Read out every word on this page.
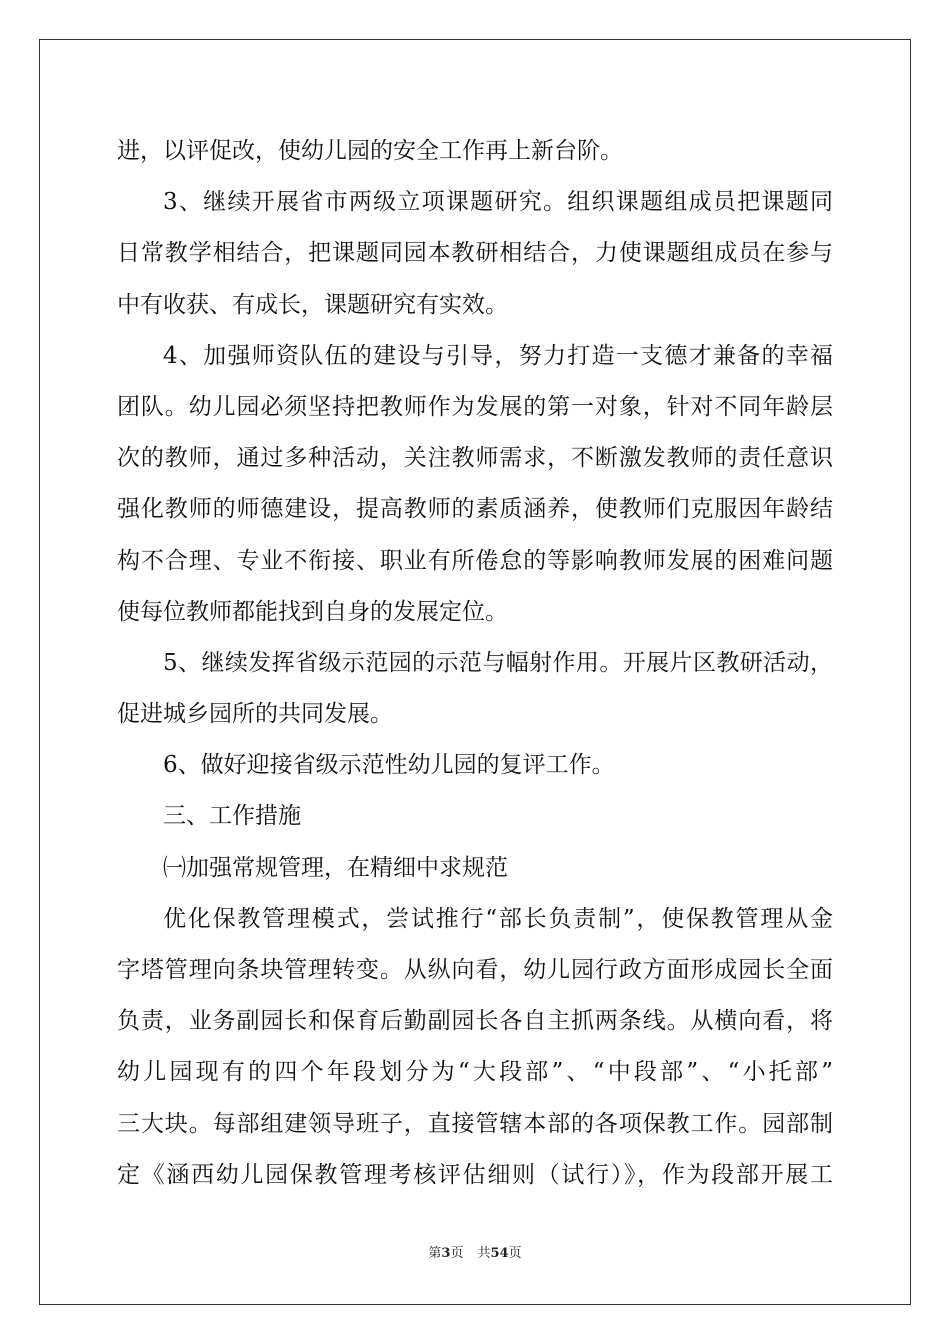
进，以评促改，使幼儿园的安全工作再上新台阶。
3、继续开展省市两级立项课题研究。组织课题组成员把课题同
日常教学相结合，把课题同园本教研相结合，力使课题组成员在参与
中有收获、有成长，课题研究有实效。
4、加强师资队伍的建设与引导，努力打造一支德才兼备的幸福
团队。幼儿园必须坚持把教师作为发展的第一对象，针对不同年龄层
次的教师，通过多种活动，关注教师需求，不断激发教师的责任意识
强化教师的师德建设，提高教师的素质涵养，使教师们克服因年龄结
构不合理、专业不衔接、职业有所倦怠的等影响教师发展的困难问题
使每位教师都能找到自身的发展定位。
5、继续发挥省级示范园的示范与幅射作用。开展片区教研活动，
促进城乡园所的共同发展。
6、做好迎接省级示范性幼儿园的复评工作。
三、工作措施
㈠加强常规管理，在精细中求规范
优化保教管理模式，尝试推行“部长负责制”，使保教管理从金
字塔管理向条块管理转变。从纵向看，幼儿园行政方面形成园长全面
负责，业务副园长和保育后勤副园长各自主抓两条线。从横向看，将
幼儿园现有的四个年段划分为“大段部”、“中段部”、“小托部”
三大块。每部组建领导班子，直接管辖本部的各项保教工作。园部制
定《涵西幼儿园保教管理考核评估细则（试行）》，作为段部开展工
第3页 共54页
